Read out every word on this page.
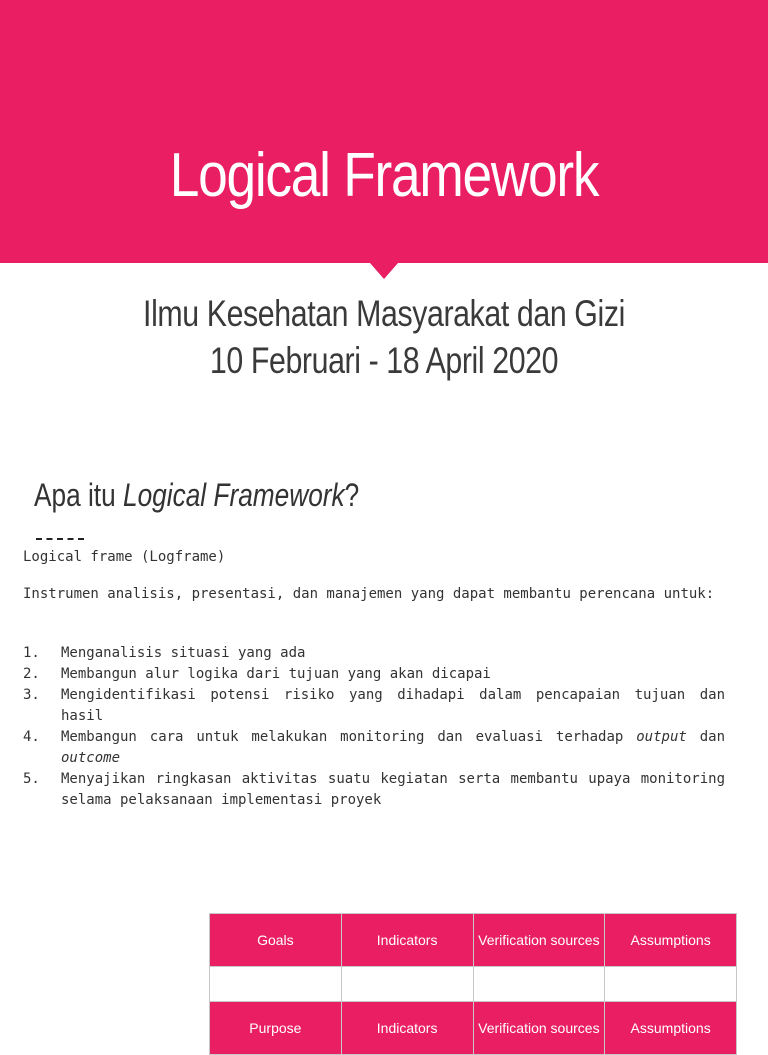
Logical Framework
Ilmu Kesehatan Masyarakat dan Gizi
10 Februari - 18 April 2020
Apa itu Logical Framework?
Logical frame (Logframe)
Instrumen analisis, presentasi, dan manajemen yang dapat membantu perencana untuk:
1.	Menganalisis situasi yang ada
2.	Membangun alur logika dari tujuan yang akan dicapai
3.	Mengidentifikasi potensi risiko yang dihadapi dalam pencapaian tujuan dan hasil
4.	Membangun cara untuk melakukan monitoring dan evaluasi terhadap output dan outcome
5.	Menyajikan ringkasan aktivitas suatu kegiatan serta membantu upaya monitoring selama pelaksanaan implementasi proyek
Goals	Indicators	Verification sources	Assumptions

Purpose	Indicators	Verification sources	Assumptions
